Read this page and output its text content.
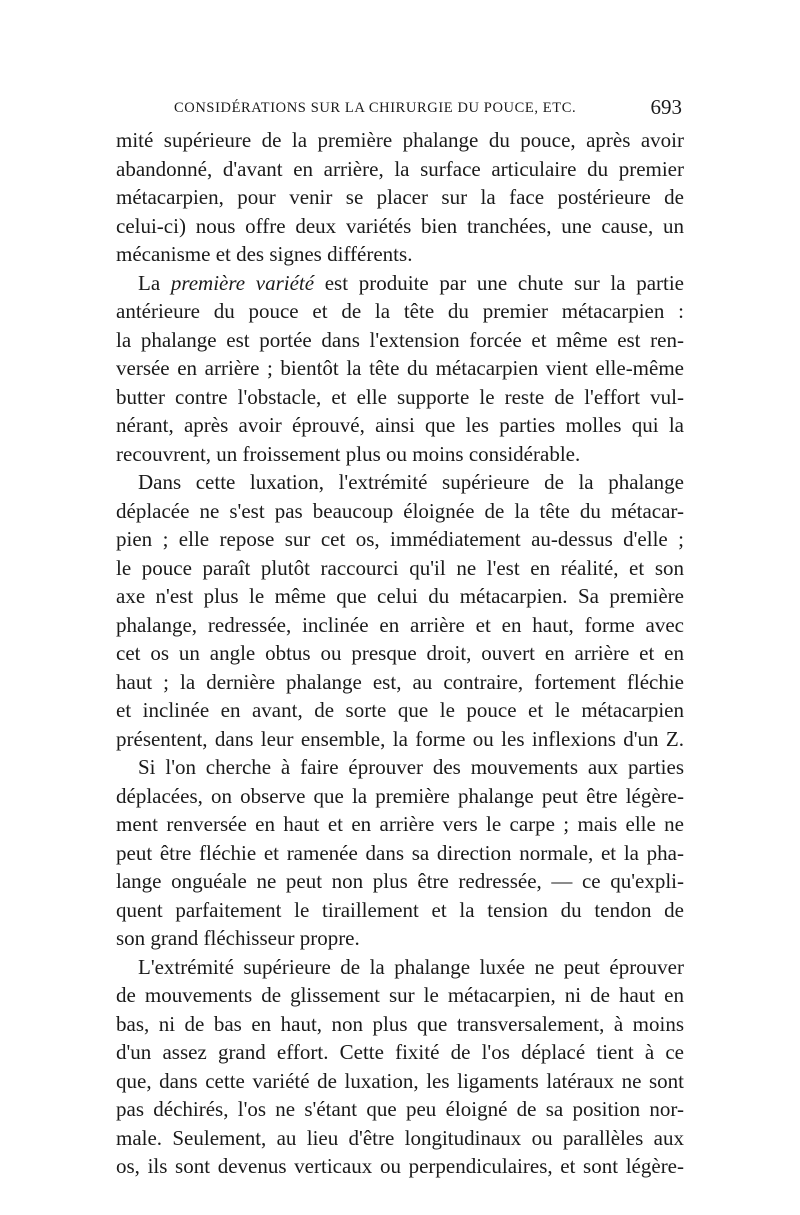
CONSIDÉRATIONS SUR LA CHIRURGIE DU POUCE, ETC.	693
mité supérieure de la première phalange du pouce, après avoir
abandonné, d'avant en arrière, la surface articulaire du premier
métacarpien, pour venir se placer sur la face postérieure de
celui-ci) nous offre deux variétés bien tranchées, une cause, un
mécanisme et des signes différents.
La première variété est produite par une chute sur la partie
antérieure du pouce et de la tête du premier métacarpien :
la phalange est portée dans l'extension forcée et même est ren-
versée en arrière ; bientôt la tête du métacarpien vient elle-même
butter contre l'obstacle, et elle supporte le reste de l'effort vul-
nérant, après avoir éprouvé, ainsi que les parties molles qui la
recouvrent, un froissement plus ou moins considérable.
Dans cette luxation, l'extrémité supérieure de la phalange
déplacée ne s'est pas beaucoup éloignée de la tête du métacar-
pien ; elle repose sur cet os, immédiatement au-dessus d'elle ;
le pouce paraît plutôt raccourci qu'il ne l'est en réalité, et son
axe n'est plus le même que celui du métacarpien. Sa première
phalange, redressée, inclinée en arrière et en haut, forme avec
cet os un angle obtus ou presque droit, ouvert en arrière et en
haut ; la dernière phalange est, au contraire, fortement fléchie
et inclinée en avant, de sorte que le pouce et le métacarpien
présentent, dans leur ensemble, la forme ou les inflexions d'un Z.
Si l'on cherche à faire éprouver des mouvements aux parties
déplacées, on observe que la première phalange peut être légère-
ment renversée en haut et en arrière vers le carpe ; mais elle ne
peut être fléchie et ramenée dans sa direction normale, et la pha-
lange onguéale ne peut non plus être redressée, — ce qu'expli-
quent parfaitement le tiraillement et la tension du tendon de
son grand fléchisseur propre.
L'extrémité supérieure de la phalange luxée ne peut éprouver
de mouvements de glissement sur le métacarpien, ni de haut en
bas, ni de bas en haut, non plus que transversalement, à moins
d'un assez grand effort. Cette fixité de l'os déplacé tient à ce
que, dans cette variété de luxation, les ligaments latéraux ne sont
pas déchirés, l'os ne s'étant que peu éloigné de sa position nor-
male. Seulement, au lieu d'être longitudinaux ou parallèles aux
os, ils sont devenus verticaux ou perpendiculaires, et sont légère-
